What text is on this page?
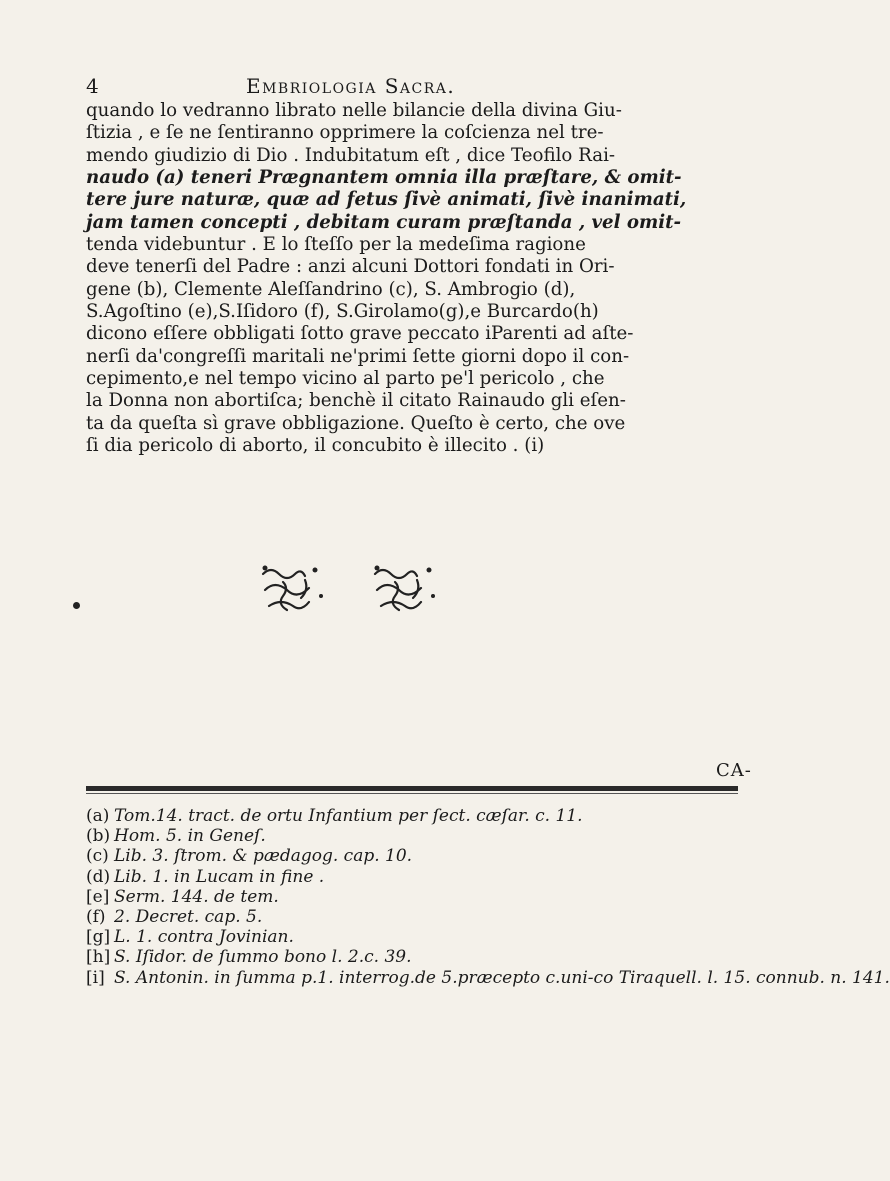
4	Embriologia Sacra.
quando lo vedranno librato nelle bilancie della divina Giu-
ſtizia , e ſe ne ſentiranno opprimere la coſcienza nel tre-
mendo giudizio di Dio . Indubitatum eſt , dice Teofilo Rai-
naudo (a) teneri Prægnantem omnia illa præſtare, & omit-
tere jure naturæ, quæ ad fetus ſivè animati, ſivè inanimati,
jam tamen concepti , debitam curam præſtanda , vel omit-
tenda videbuntur . E lo ſteſſo per la medeſima ragione
deve tenerſi del Padre : anzi alcuni Dottori fondati in Ori-
gene (b), Clemente Aleſſandrino (c), S. Ambrogio (d),
S.Agoſtino (e),S.Iſidoro (f), S.Girolamo(g),e Burcardo(h)
dicono eſſere obbligati ſotto grave peccato iParenti ad aſte-
nerſi da'congreſſi maritali ne'primi ſette giorni dopo il con-
cepimento,e nel tempo vicino al parto pe'l pericolo , che
la Donna non abortiſca; benchè il citato Rainaudo gli eſen-
ta da queſta sì grave obbligazione. Queſto è certo, che ove
ſi dia pericolo di aborto, il concubito è illecito . (i)
CA-
(a) Tom.14. tract. de ortu Infantium per ſect. cæſar. c. 11.
(b) Hom. 5. in Geneſ.
(c) Lib. 3. ſtrom. & pædagog. cap. 10.
(d) Lib. 1. in Lucam in fine .
[e] Serm. 144. de tem.
(f) 2. Decret. cap. 5.
[g] L. 1. contra Jovinian.
[h] S. Iſidor. de ſummo bono l. 2.c. 39.
[i] S. Antonin. in ſumma p.1. interrog.de 5.præcepto c.uni-co Tiraquell. l. 15. connub. n. 141.
